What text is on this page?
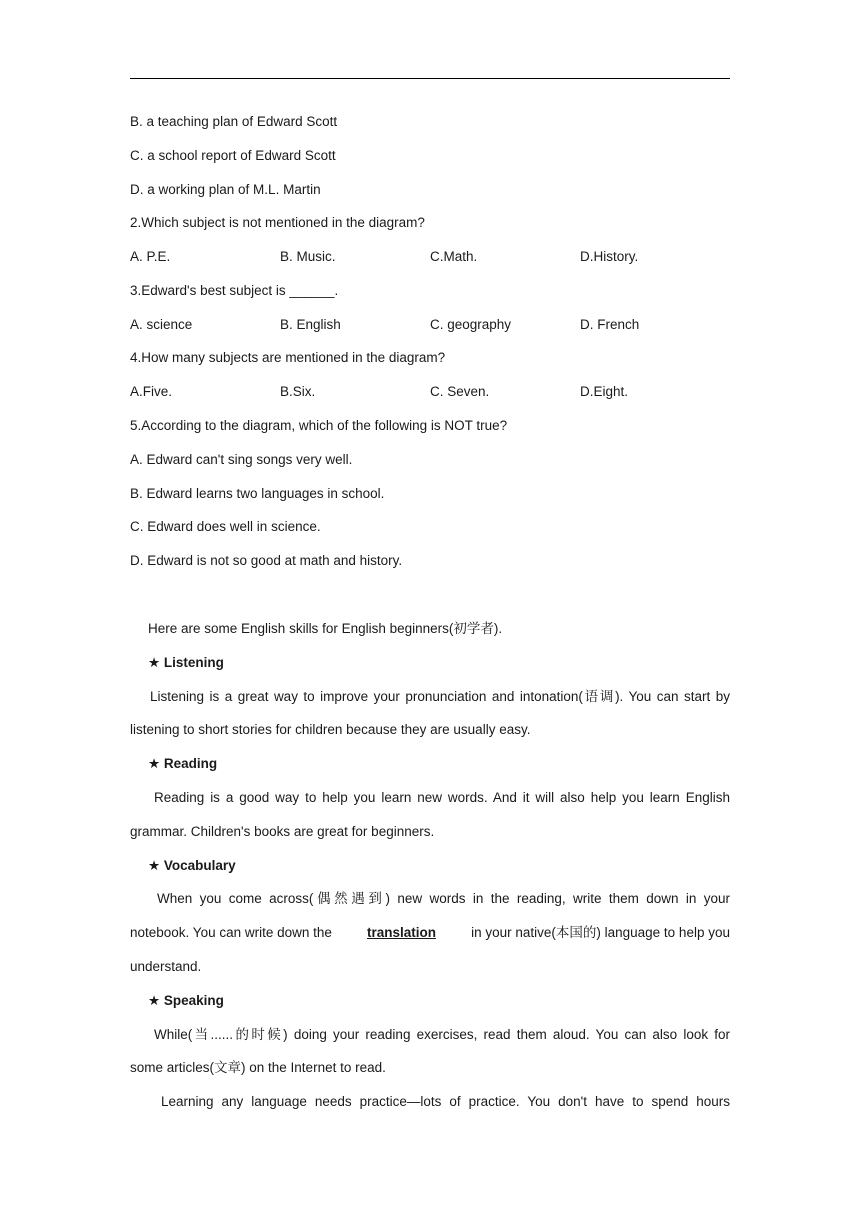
B. a teaching plan of Edward Scott
C. a school report of Edward Scott
D. a working plan of M.L. Martin
2.Which subject is not mentioned in the diagram?
A. P.E.	B. Music.	C.Math.	D.History.
3.Edward's best subject is ______.
A. science	B. English	C. geography	D. French
4.How many subjects are mentioned in the diagram?
A.Five.	B.Six.	C. Seven.	D.Eight.
5.According to the diagram, which of the following is NOT true?
A. Edward can't sing songs very well.
B. Edward learns two languages in school.
C. Edward does well in science.
D. Edward is not so good at math and history.
Here are some English skills for English beginners(初学者).
★ Listening
Listening is a great way to improve your pronunciation and intonation(语调). You can start by
listening to short stories for children because they are usually easy.
★ Reading
Reading is a good way to help you learn new words. And it will also help you learn English
grammar. Children's books are great for beginners.
★ Vocabulary
When you come across(偶然遇到) new words in the reading, write them down in your
notebook. You can write down the	translation	in your native(本国的) language to help you
understand.
★ Speaking
While(当......的时候) doing your reading exercises, read them aloud. You can also look for
some articles(文章) on the Internet to read.
Learning any language needs practice—lots of practice. You don't have to spend hours
